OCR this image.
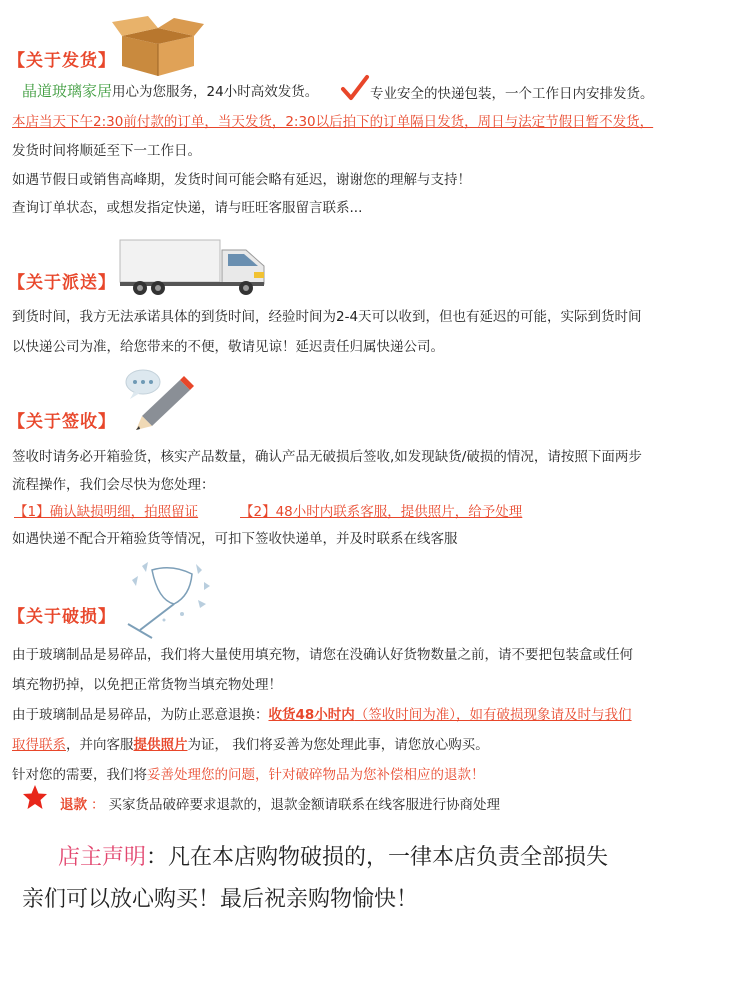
【关于发货】
晶道玻璃家居用心为您服务，24小时高效发货。	专业安全的快递包装，一个工作日内安排发货。
本店当天下午2:30前付款的订单，当天发货，2:30以后拍下的订单隔日发货，周日与法定节假日暂不发货，
发货时间将顺延至下一工作日。
如遇节假日或销售高峰期，发货时间可能会略有延迟，谢谢您的理解与支持！
查询订单状态，或想发指定快递，请与旺旺客服留言联系...
【关于派送】
到货时间，我方无法承诺具体的到货时间，经验时间为2-4天可以收到，但也有延迟的可能，实际到货时间
以快递公司为准，给您带来的不便，敬请见谅！延迟责任归属快递公司。
【关于签收】
签收时请务必开箱验货，核实产品数量，确认产品无破损后签收,如发现缺货/破损的情况，请按照下面两步
流程操作，我们会尽快为您处理：
【1】确认缺损明细，拍照留证	【2】48小时内联系客服，提供照片，给予处理
如遇快递不配合开箱验货等情况，可扣下签收快递单，并及时联系在线客服
【关于破损】
由于玻璃制品是易碎品，我们将大量使用填充物，请您在没确认好货物数量之前，请不要把包装盒或任何
填充物扔掉，以免把正常货物当填充物处理！
由于玻璃制品是易碎品，为防止恶意退换：收货48小时内（签收时间为准），如有破损现象请及时与我们
取得联系，并向客服提供照片为证， 我们将妥善为您处理此事，请您放心购买。
针对您的需要，我们将妥善处理您的问题，针对破碎物品为您补偿相应的退款！
退款 ： 买家货品破碎要求退款的，退款金额请联系在线客服进行协商处理
店主声明：凡在本店购物破损的，一律本店负责全部损失
亲们可以放心购买！最后祝亲购物愉快！
